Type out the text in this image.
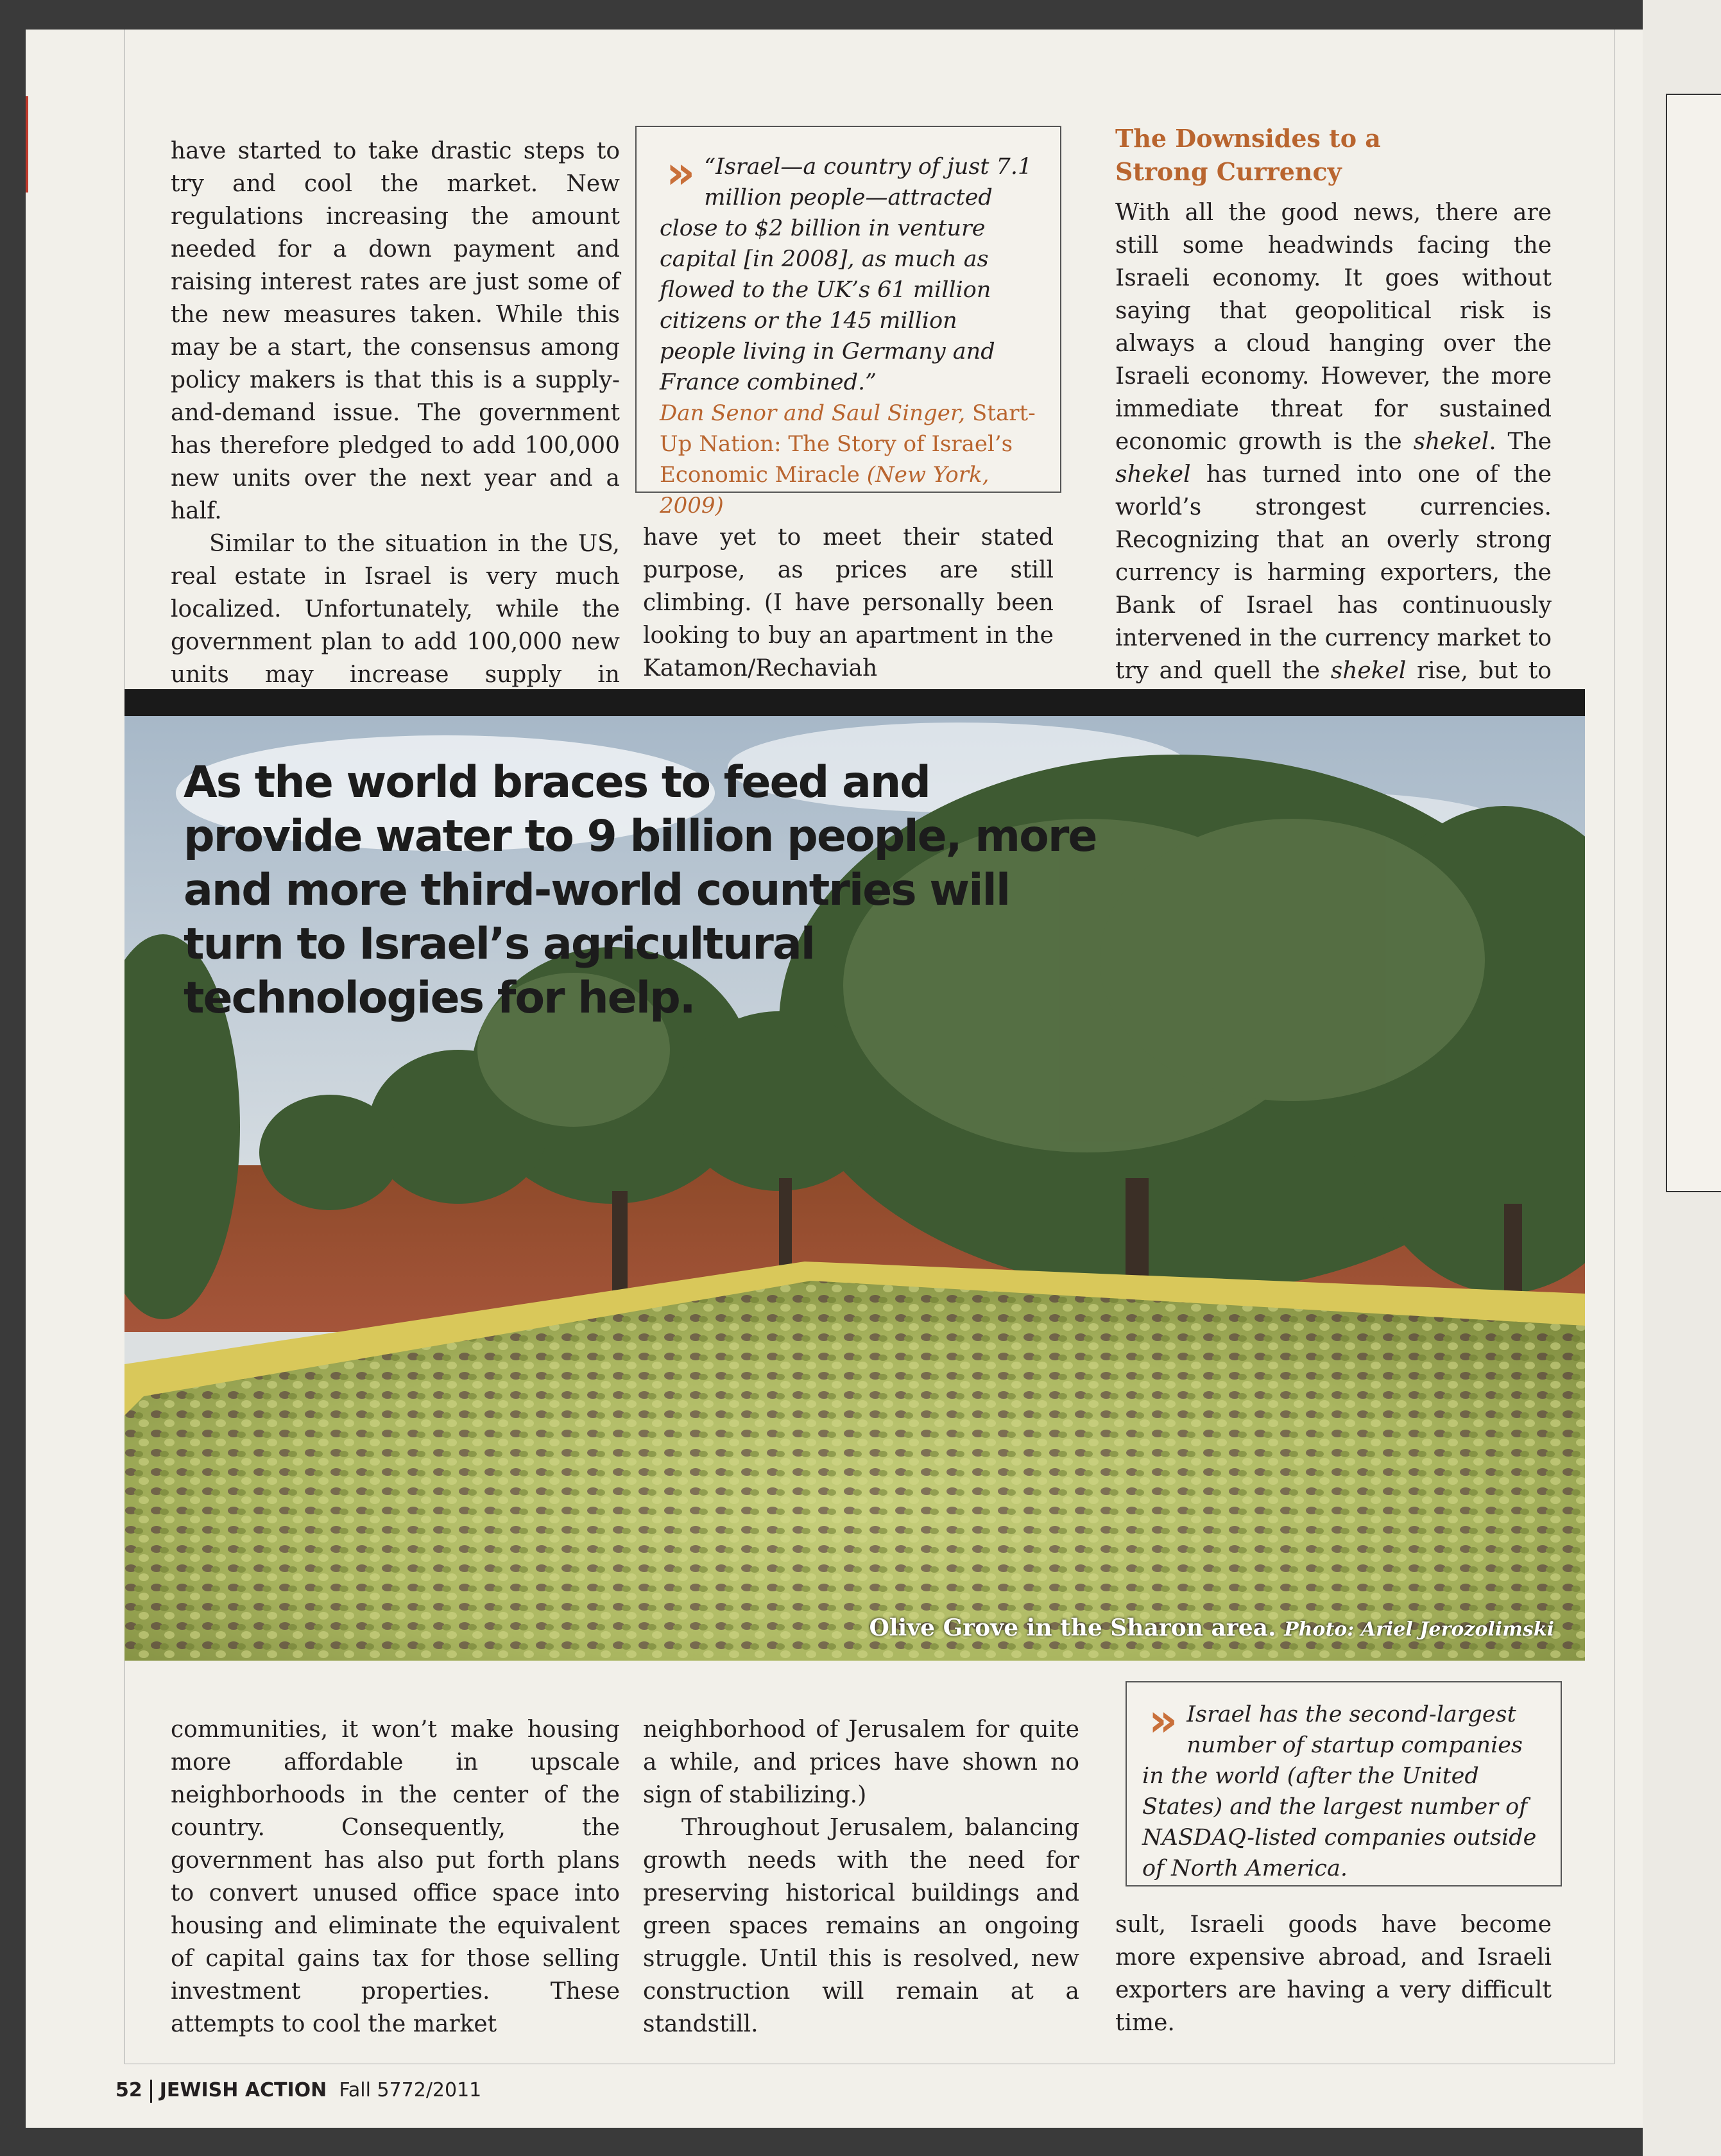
have started to take drastic steps to try and cool the market. New regulations increasing the amount needed for a down payment and raising interest rates are just some of the new measures taken. While this may be a start, the consensus among policy makers is that this is a supply-and-demand issue. The government has therefore pledged to add 100,000 new units over the next year and a half.

Similar to the situation in the US, real estate in Israel is very much localized. Unfortunately, while the government plan to add 100,000 new units may increase supply in

» “Israel—a country of just 7.1 million people—attracted close to $2 billion in venture capital [in 2008], as much as flowed to the UK’s 61 million citizens or the 145 million people living in Germany and France combined.”
Dan Senor and Saul Singer, Start-Up Nation: The Story of Israel’s Economic Miracle (New York, 2009)

have yet to meet their stated purpose, as prices are still climbing. (I have personally been looking to buy an apartment in the Katamon/Rechaviah

The Downsides to a Strong Currency

With all the good news, there are still some headwinds facing the Israeli economy. It goes without saying that geopolitical risk is always a cloud hanging over the Israeli economy. However, the more immediate threat for sustained economic growth is the shekel. The shekel has turned into one of the world’s strongest currencies. Recognizing that an overly strong currency is harming exporters, the Bank of Israel has continuously intervened in the currency market to try and quell the shekel rise, but to

Olive Grove in the Sharon area. Photo: Ariel Jerozolimski
As the world braces to feed and provide water to 9 billion people, more and more third-world countries will turn to Israel’s agricultural technologies for help.

communities, it won’t make housing more affordable in upscale neighborhoods in the center of the country. Consequently, the government has also put forth plans to convert unused office space into housing and eliminate the equivalent of capital gains tax for those selling investment properties. These attempts to cool the market

neighborhood of Jerusalem for quite a while, and prices have shown no sign of stabilizing.)

Throughout Jerusalem, balancing growth needs with the need for preserving historical buildings and green spaces remains an ongoing struggle. Until this is resolved, new construction will remain at a standstill.

» Israel has the second-largest number of startup companies in the world (after the United States) and the largest number of NASDAQ-listed companies outside of North America.

sult, Israeli goods have become more expensive abroad, and Israeli exporters are having a very difficult time.

52 JEWISH ACTION Fall 5772/2011
